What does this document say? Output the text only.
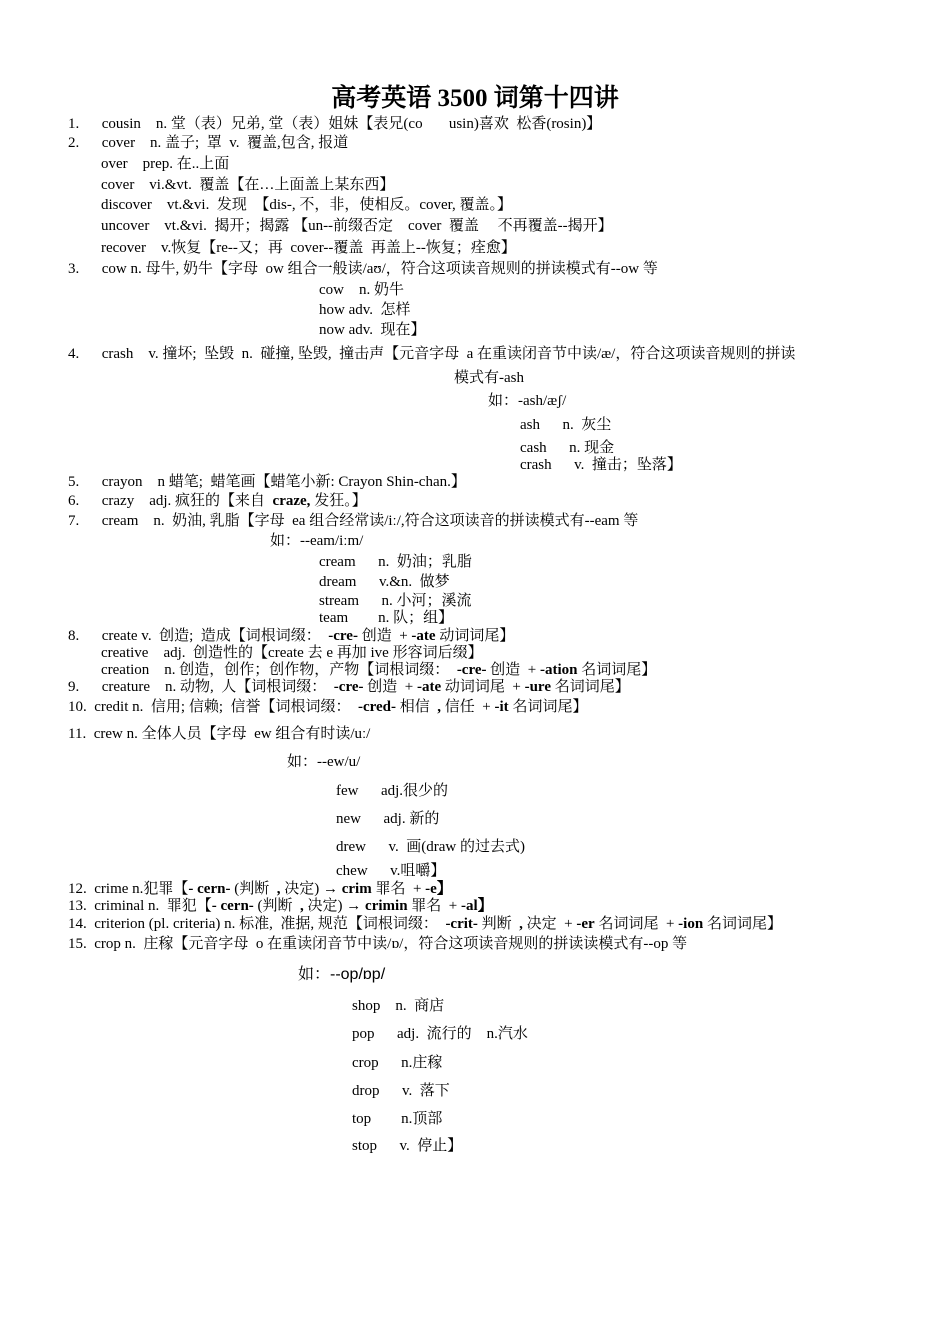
高考英语 3500 词第十四讲
1.      cousin    n. 堂（表）兄弟, 堂（表）姐妹【表兄(co       usin)喜欢  松香(rosin)】
2.      cover    n. 盖子;  罩  v.  覆盖,包含, 报道
over    prep. 在..上面
cover    vi.&vt.  覆盖【在…上面盖上某东西】
discover    vt.&vi.  发现  【dis-, 不，非，使相反。cover, 覆盖。】
uncover    vt.&vi.  揭开；揭露 【un--前缀否定    cover  覆盖     不再覆盖--揭开】
recover    v.恢复【re--又；再  cover--覆盖  再盖上--恢复；痊愈】
3.      cow n. 母牛, 奶牛【字母  ow 组合一般读/aʊ/，符合这项读音规则的拼读模式有--ow 等
cow    n. 奶牛
how adv.  怎样
now adv.  现在】
4.      crash    v. 撞坏;  坠毁  n.  碰撞, 坠毁,  撞击声【元音字母  a 在重读闭音节中读/æ/，符合这项读音规则的拼读
模式有-ash
如：-ash/æʃ/
ash      n.  灰尘
cash      n. 现金
crash      v.  撞击；坠落】
5.      crayon    n 蜡笔;  蜡笔画【蜡笔小新: Crayon Shin-chan.】
6.      crazy    adj. 疯狂的【来自  craze, 发狂。】
7.      cream    n.  奶油, 乳脂【字母  ea 组合经常读/iː/,符合这项读音的拼读模式有--eam 等
如：--eam/iːm/
cream      n.  奶油；乳脂
dream      v.&n.  做梦
stream      n. 小河；溪流
team        n. 队；组】
8.      create v.  创造;  造成【词根词缀：  -cre- 创造  + -ate 动词词尾】
creative    adj.  创造性的【create 去 e 再加 ive 形容词后缀】
creation    n. 创造，创作；创作物，产物【词根词缀：  -cre- 创造  + -ation 名词词尾】
9.      creature    n. 动物,  人【词根词缀：  -cre- 创造  + -ate 动词词尾  + -ure 名词词尾】
10.  credit n.  信用; 信赖;  信誉【词根词缀：  -cred- 相信  , 信任  + -it 名词词尾】
11.  crew n. 全体人员【字母  ew 组合有时读/uː/
如：--ew/u/
few      adj.很少的
new      adj. 新的
drew      v.  画(draw 的过去式)
chew      v.咀嚼】
12.  crime n.犯罪【- cern- (判断  , 决定) → crim 罪名  + -e】
13.  criminal n.  罪犯【- cern- (判断  , 决定) → crimin 罪名  + -al】
14.  criterion (pl. criteria) n. 标准,  准据, 规范【词根词缀：  -crit- 判断  , 决定  + -er 名词词尾  + -ion 名词词尾】
15.  crop n.  庄稼【元音字母  o 在重读闭音节中读/ɒ/，符合这项读音规则的拼读读模式有--op 等
如：--op/ɒp/
shop    n.  商店
pop      adj.  流行的    n.汽水
crop      n.庄稼
drop      v.  落下
top        n.顶部
stop      v.  停止】
